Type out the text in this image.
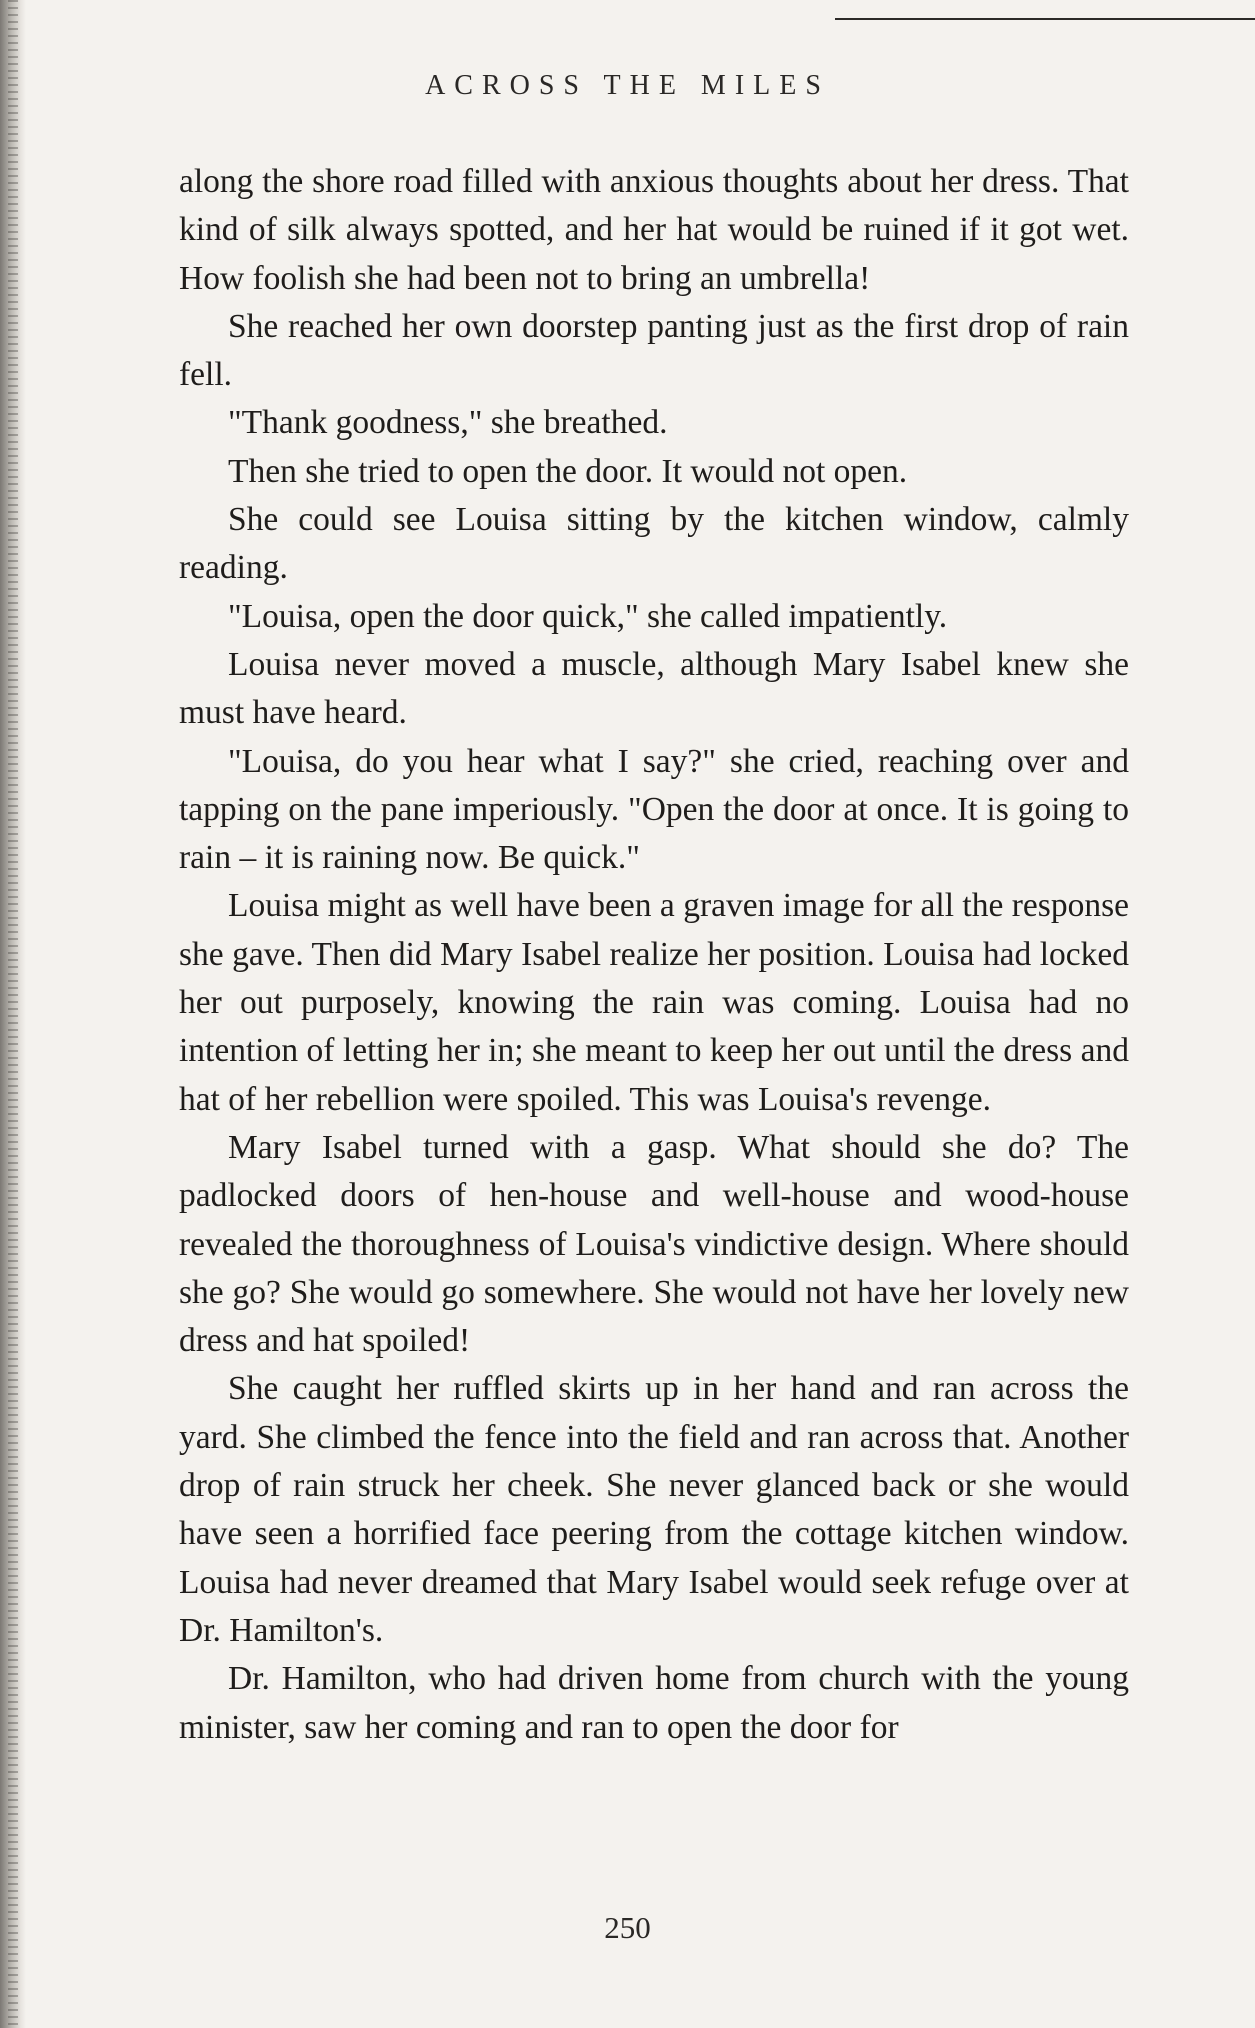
ACROSS THE MILES

along the shore road filled with anxious thoughts about her dress. That kind of silk always spotted, and her hat would be ruined if it got wet. How foolish she had been not to bring an umbrella!

She reached her own doorstep panting just as the first drop of rain fell.

"Thank goodness," she breathed.

Then she tried to open the door. It would not open.

She could see Louisa sitting by the kitchen window, calmly reading.

"Louisa, open the door quick," she called impatiently.

Louisa never moved a muscle, although Mary Isabel knew she must have heard.

"Louisa, do you hear what I say?" she cried, reaching over and tapping on the pane imperiously. "Open the door at once. It is going to rain – it is raining now. Be quick."

Louisa might as well have been a graven image for all the response she gave. Then did Mary Isabel realize her position. Louisa had locked her out purposely, knowing the rain was coming. Louisa had no intention of letting her in; she meant to keep her out until the dress and hat of her rebellion were spoiled. This was Louisa's revenge.

Mary Isabel turned with a gasp. What should she do? The padlocked doors of hen-house and well-house and wood-house revealed the thoroughness of Louisa's vindictive design. Where should she go? She would go somewhere. She would not have her lovely new dress and hat spoiled!

She caught her ruffled skirts up in her hand and ran across the yard. She climbed the fence into the field and ran across that. Another drop of rain struck her cheek. She never glanced back or she would have seen a horrified face peering from the cottage kitchen window. Louisa had never dreamed that Mary Isabel would seek refuge over at Dr. Hamilton's.

Dr. Hamilton, who had driven home from church with the young minister, saw her coming and ran to open the door for

250
